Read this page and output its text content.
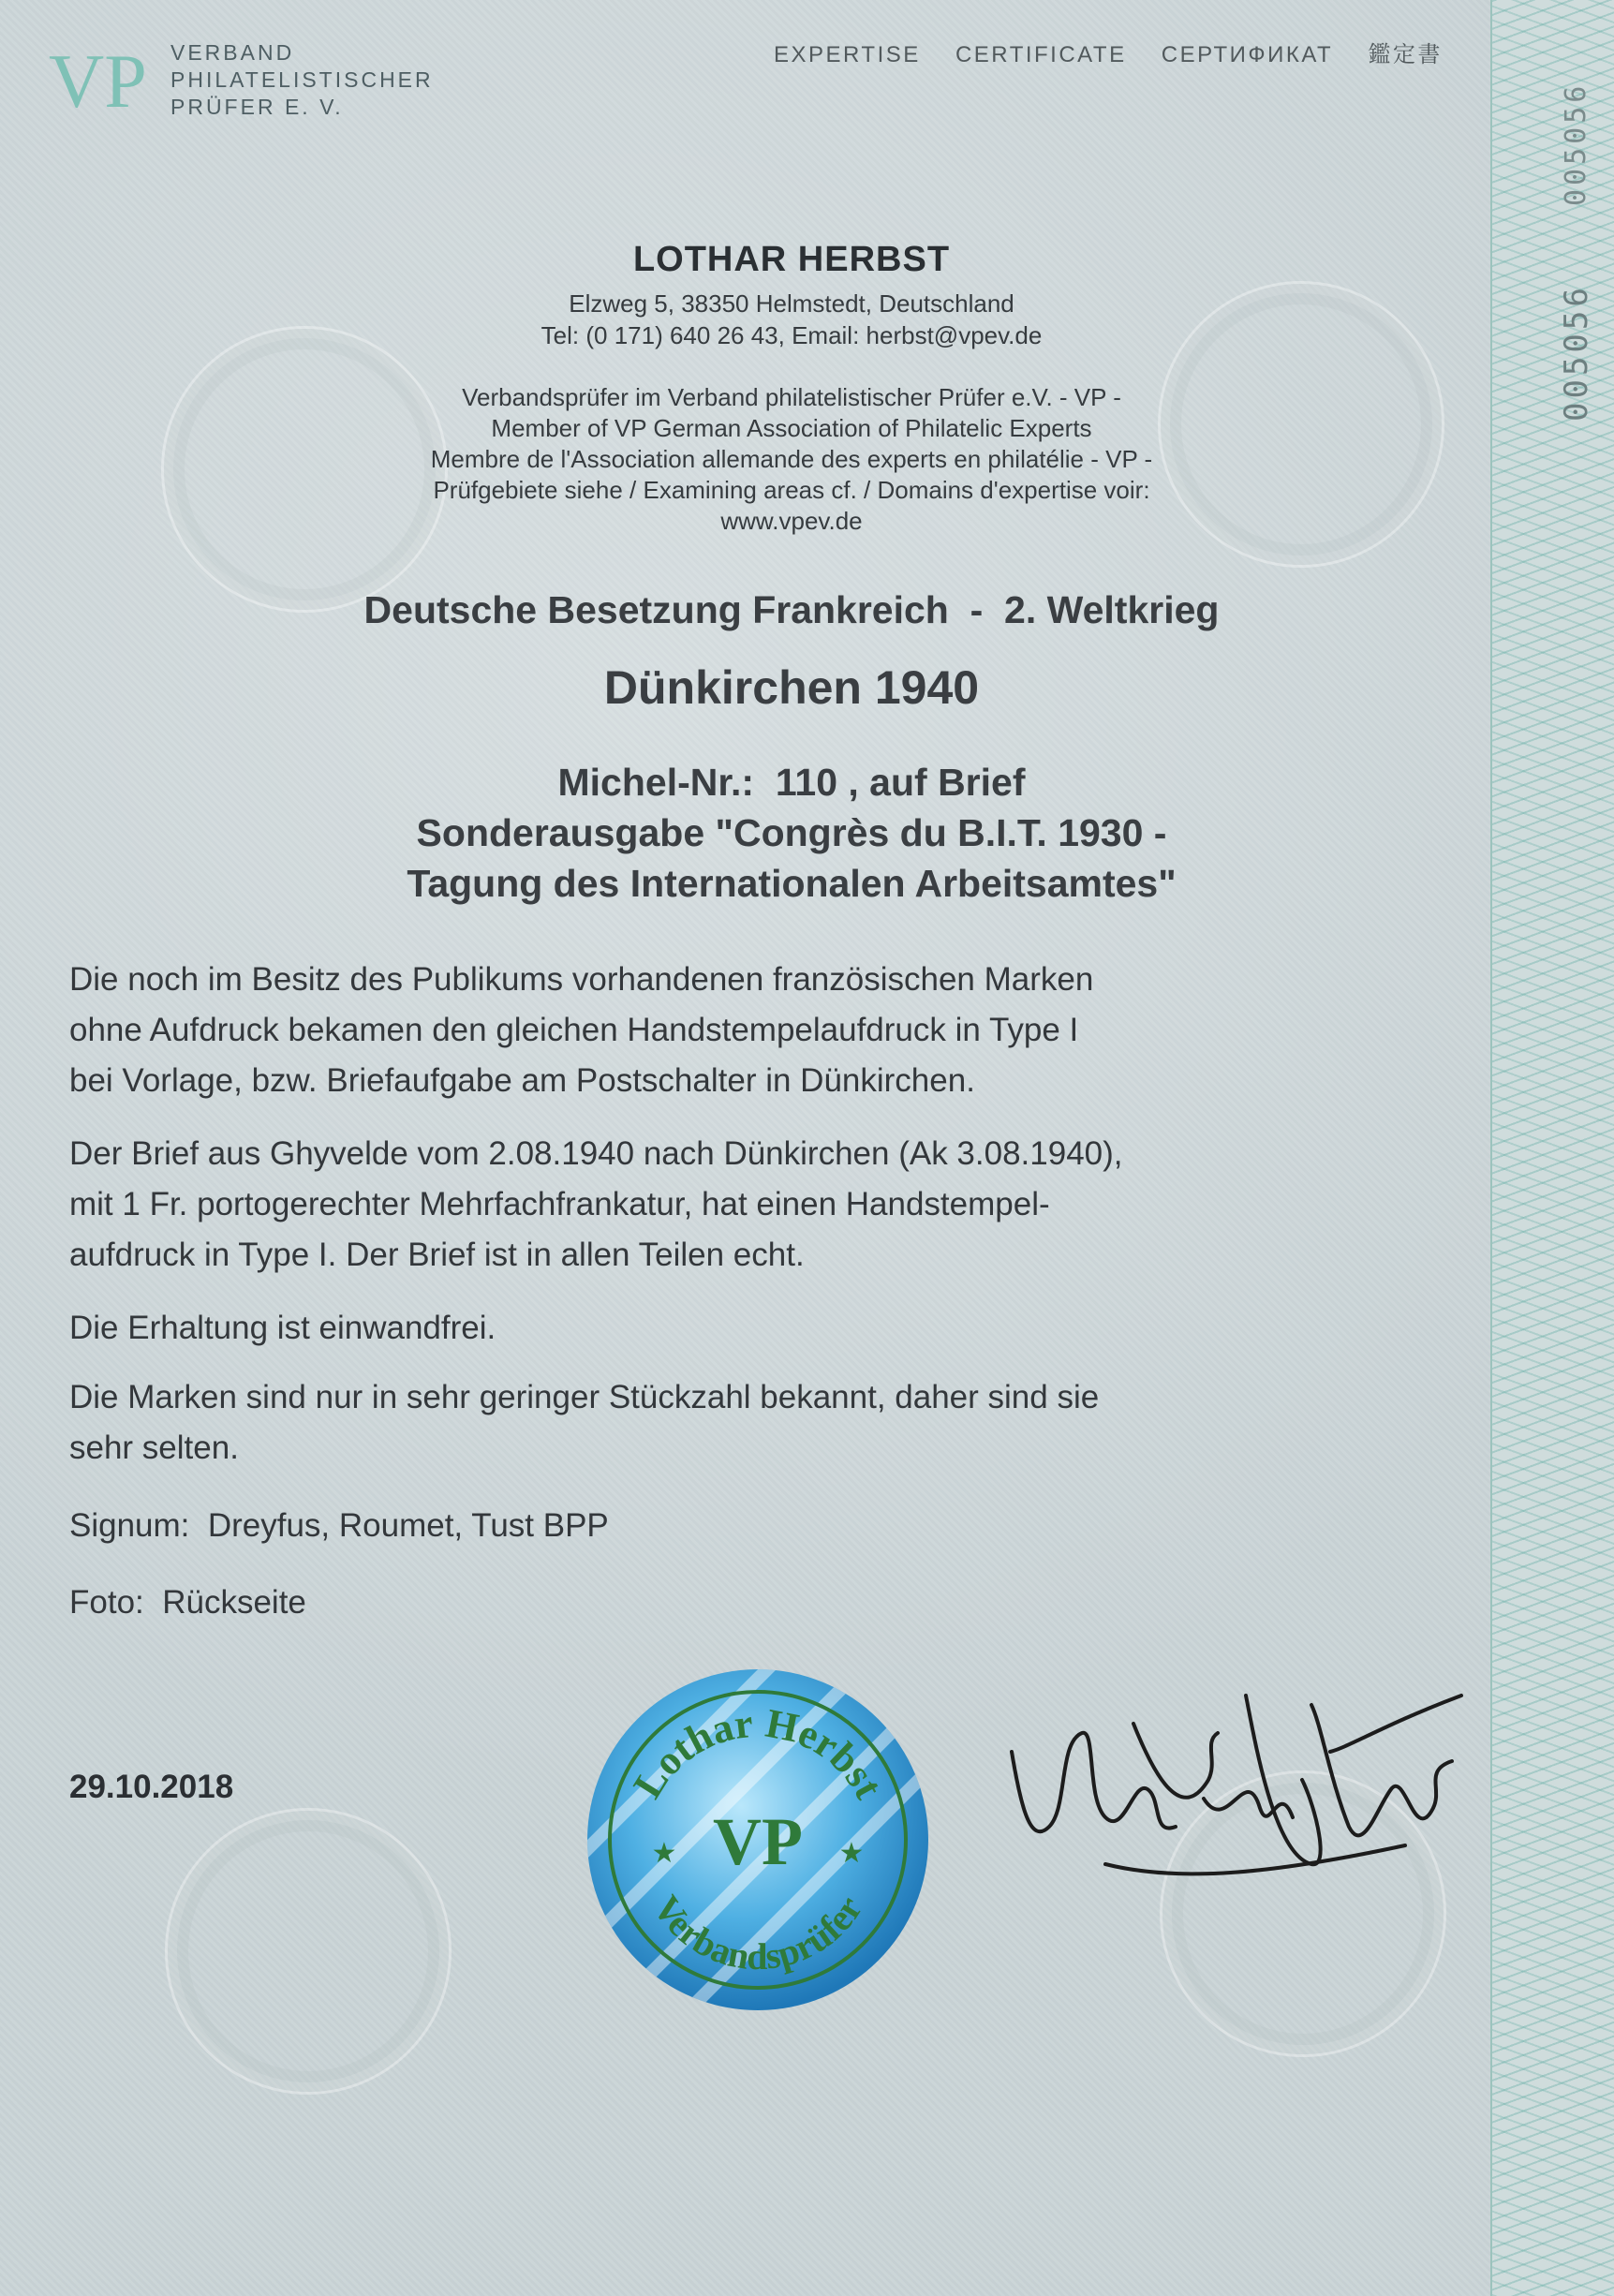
005056
005056
VP VERBAND
PHILATELISTISCHER
PRÜFER E. V.
EXPERTISE CERTIFICATE СЕРТИФИКАТ 鑑定書
LOTHAR HERBST
Elzweg 5, 38350 Helmstedt, Deutschland
Tel: (0 171) 640 26 43, Email: herbst@vpev.de
Verbandsprüfer im Verband philatelistischer Prüfer e.V. - VP -
Member of VP German Association of Philatelic Experts
Membre de l'Association allemande des experts en philatélie - VP -
Prüfgebiete siehe / Examining areas cf. / Domains d'expertise voir:
www.vpev.de
Deutsche Besetzung Frankreich  -  2. Weltkrieg
Dünkirchen 1940
Michel-Nr.:  110 , auf Brief
Sonderausgabe "Congrès du B.I.T. 1930 -
Tagung des Internationalen Arbeitsamtes"
Die noch im Besitz des Publikums vorhandenen französischen Marken
ohne Aufdruck bekamen den gleichen Handstempelaufdruck in Type I
bei Vorlage, bzw. Briefaufgabe am Postschalter in Dünkirchen.
Der Brief aus Ghyvelde vom 2.08.1940 nach Dünkirchen (Ak 3.08.1940),
mit 1 Fr. portogerechter Mehrfachfrankatur, hat einen Handstempel-
aufdruck in Type I. Der Brief ist in allen Teilen echt.
Die Erhaltung ist einwandfrei.
Die Marken sind nur in sehr geringer Stückzahl bekannt, daher sind sie
sehr selten.
Signum:  Dreyfus, Roumet, Tust BPP
Foto:  Rückseite
29.10.2018	Lothar Herbst
Verbandsprüfer
VP
★	★
